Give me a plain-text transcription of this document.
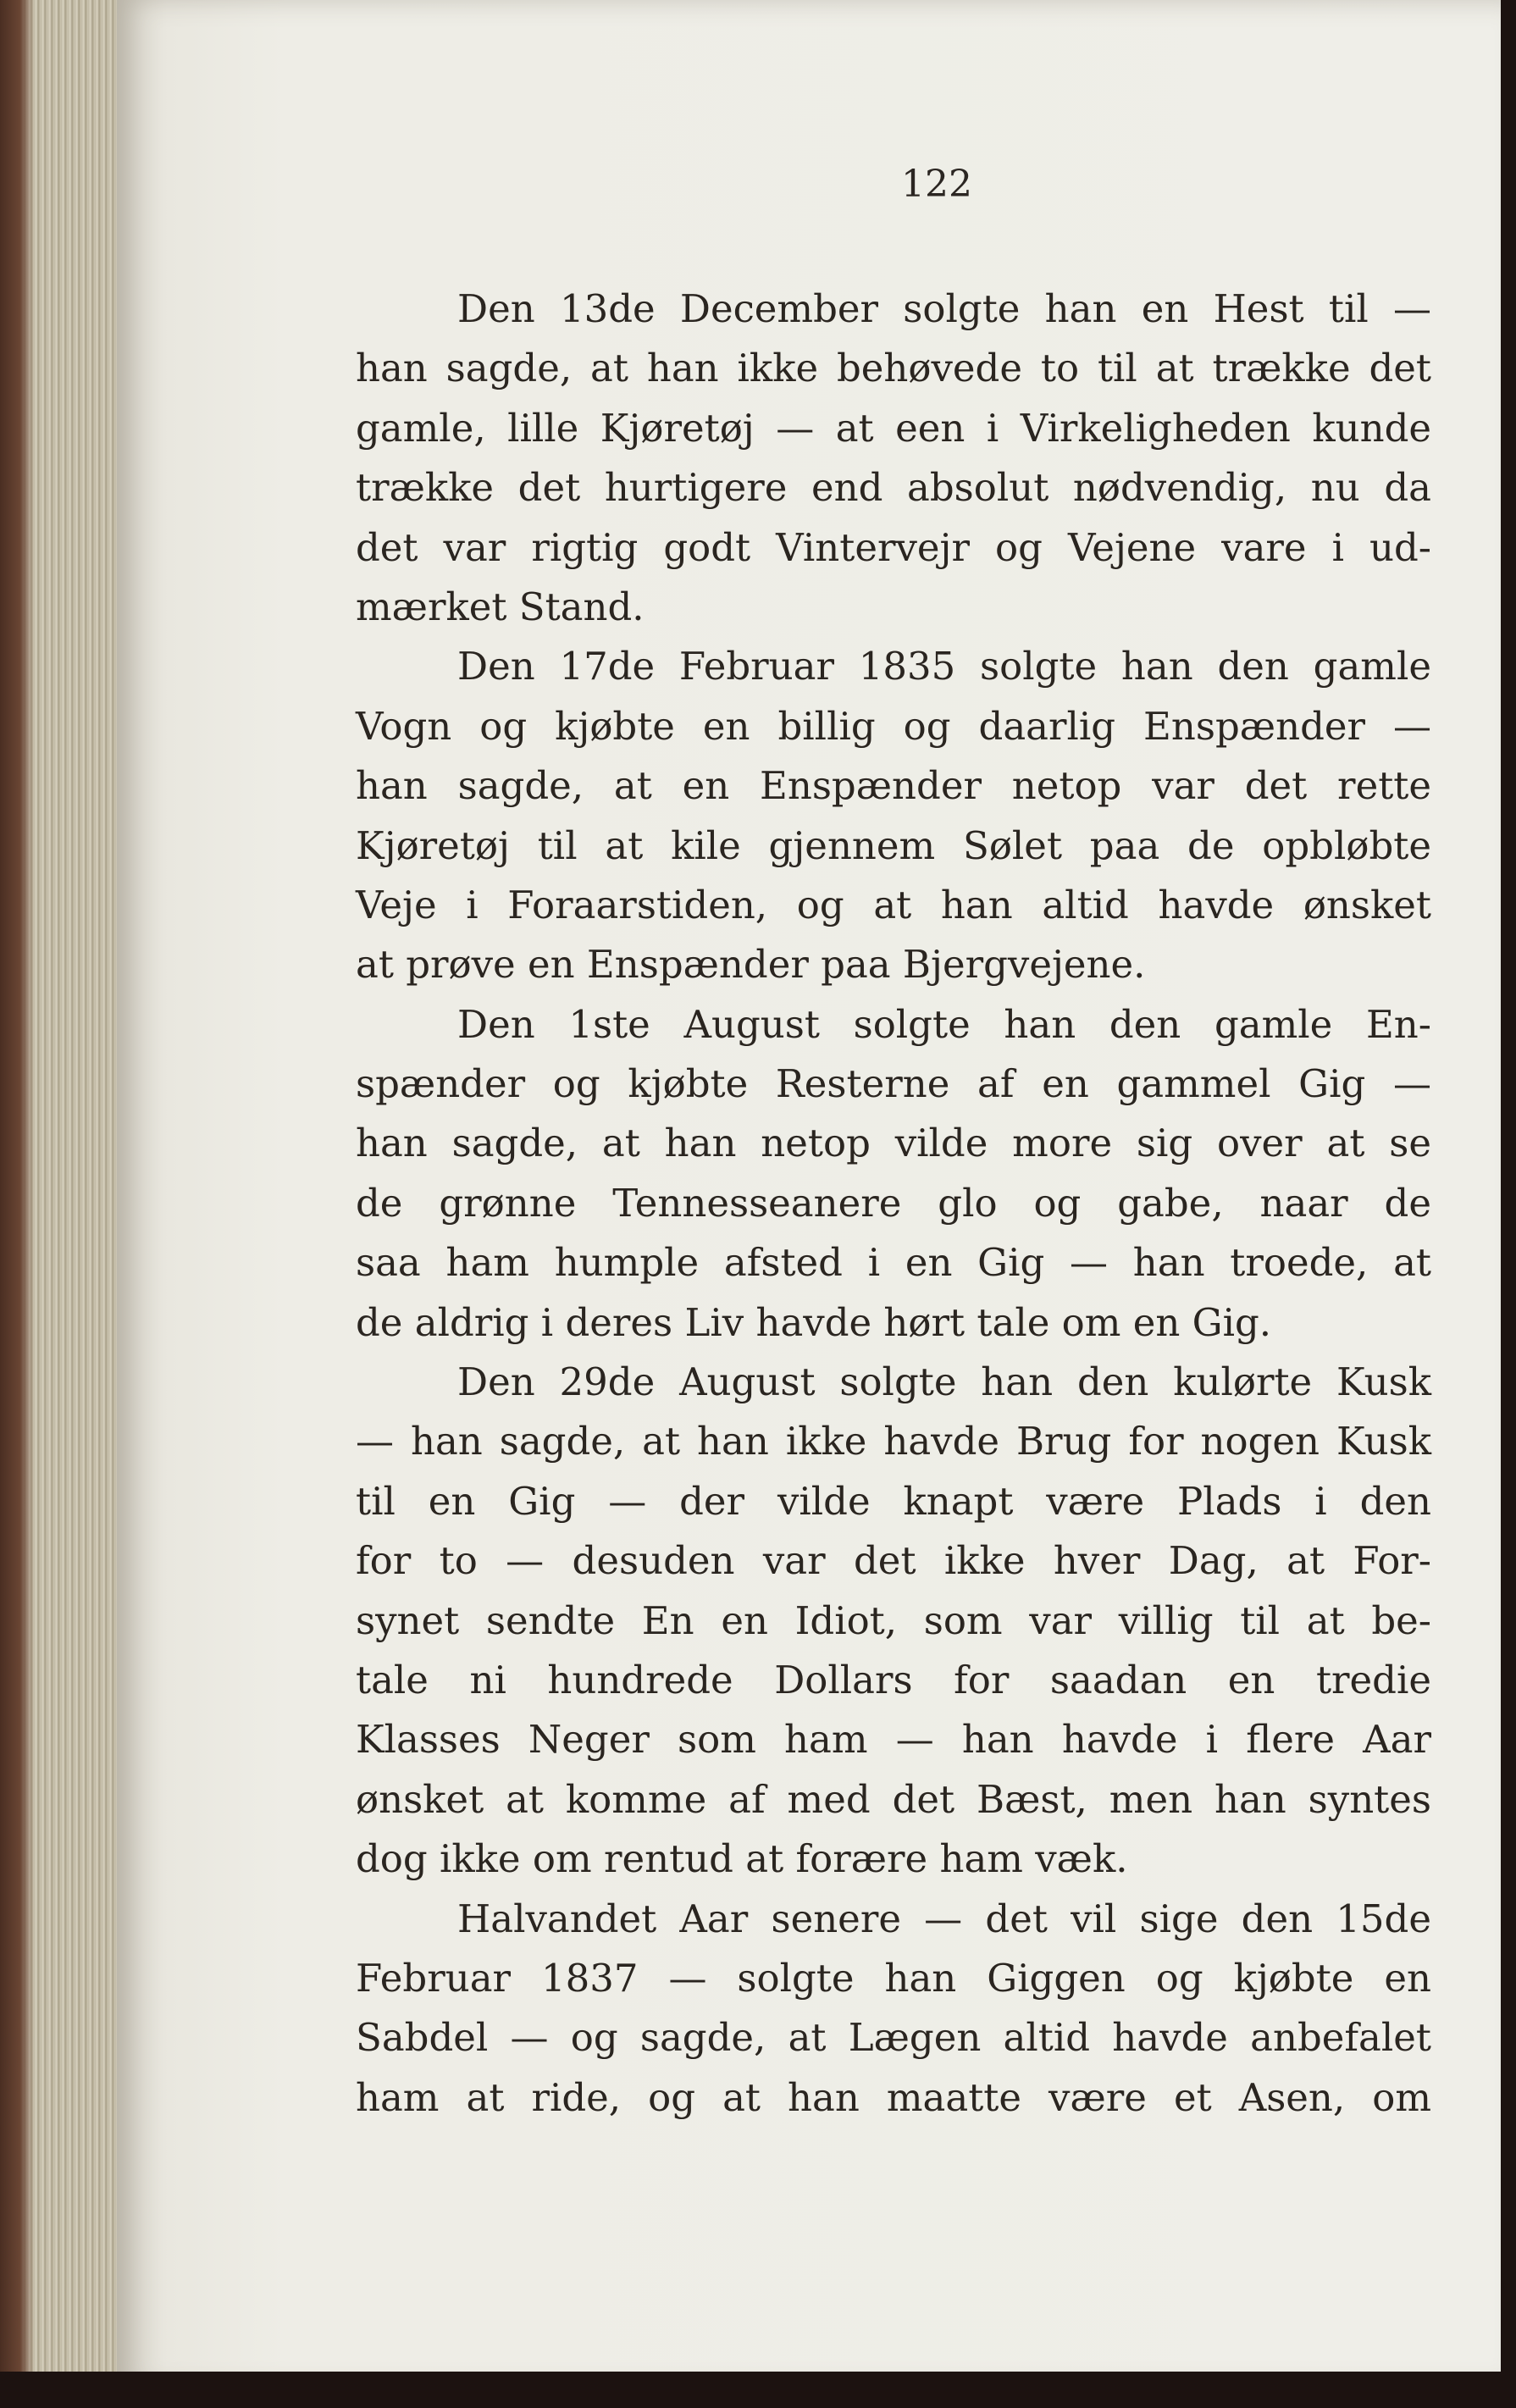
122
Den 13de December solgte han en Hest til —
han sagde, at han ikke behøvede to til at trække det
gamle, lille Kjøretøj — at een i Virkeligheden kunde
trække det hurtigere end absolut nødvendig, nu da
det var rigtig godt Vintervejr og Vejene vare i ud-
mærket Stand.
Den 17de Februar 1835 solgte han den gamle
Vogn og kjøbte en billig og daarlig Enspænder —
han sagde, at en Enspænder netop var det rette
Kjøretøj til at kile gjennem Sølet paa de opbløbte
Veje i Foraarstiden, og at han altid havde ønsket
at prøve en Enspænder paa Bjergvejene.
Den 1ste August solgte han den gamle En-
spænder og kjøbte Resterne af en gammel Gig —
han sagde, at han netop vilde more sig over at se
de grønne Tennesseanere glo og gabe, naar de
saa ham humple afsted i en Gig — han troede, at
de aldrig i deres Liv havde hørt tale om en Gig.
Den 29de August solgte han den kulørte Kusk
— han sagde, at han ikke havde Brug for nogen Kusk
til en Gig — der vilde knapt være Plads i den
for to — desuden var det ikke hver Dag, at For-
synet sendte En en Idiot, som var villig til at be-
tale ni hundrede Dollars for saadan en tredie
Klasses Neger som ham — han havde i flere Aar
ønsket at komme af med det Bæst, men han syntes
dog ikke om rentud at forære ham væk.
Halvandet Aar senere — det vil sige den 15de
Februar 1837 — solgte han Giggen og kjøbte en
Sabdel — og sagde, at Lægen altid havde anbefalet
ham at ride, og at han maatte være et Asen, om
